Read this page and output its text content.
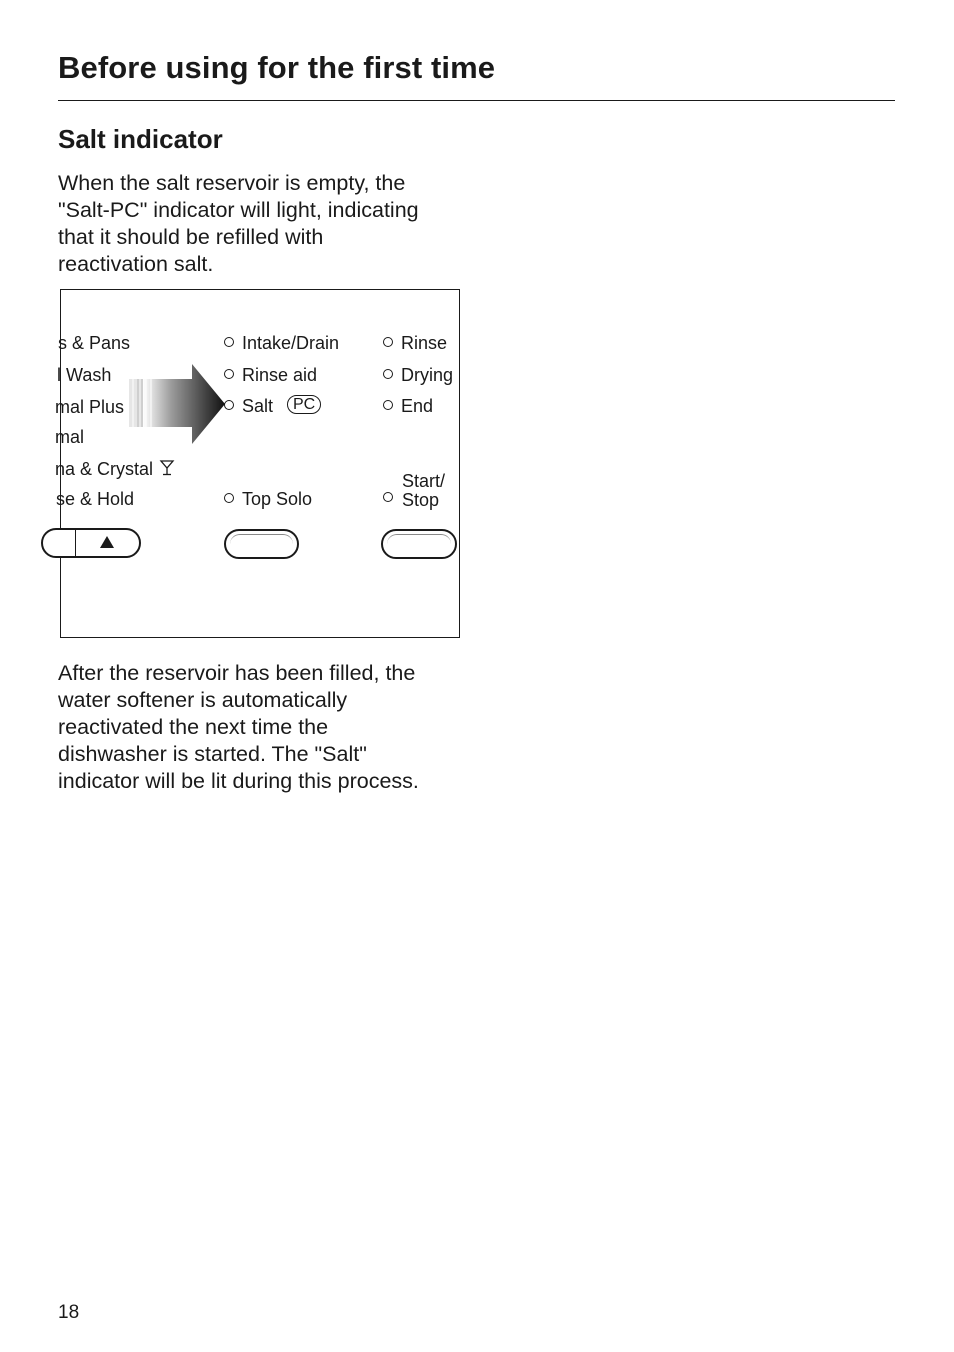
Before using for the first time
Salt indicator
When the salt reservoir is empty, the
"Salt-PC" indicator will light, indicating
that it should be refilled with
reactivation salt.
s & Pans
l Wash
mal Plus
mal
na & Crystal
se & Hold
Intake/Drain
Rinse aid
Salt	PC
Top Solo
Rinse
Drying
End
Start/
Stop
After the reservoir has been filled, the
water softener is automatically
reactivated the next time the
dishwasher is started. The "Salt"
indicator will be lit during this process.
18
